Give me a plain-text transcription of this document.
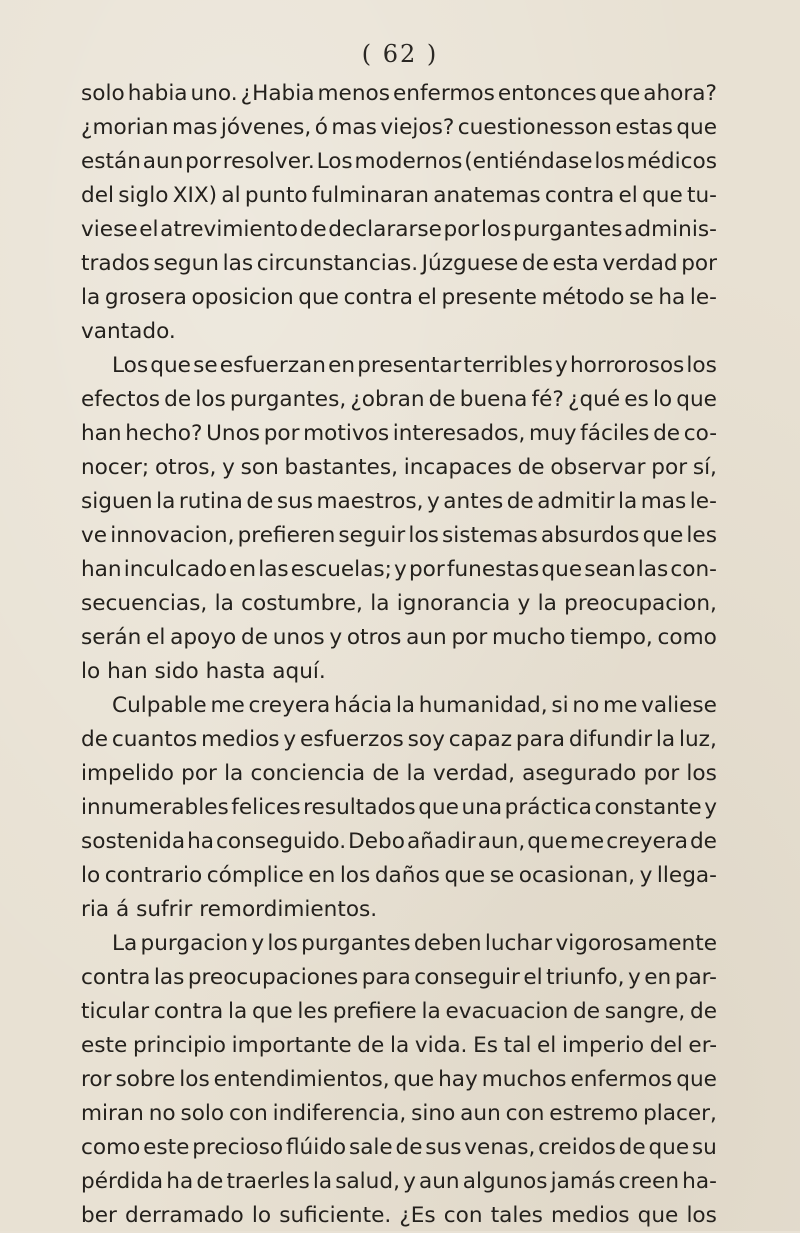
( 62 )
solo habia uno. ¿Habia menos enfermos entonces que ahora?
¿morian mas jóvenes, ó mas viejos? cuestionesson estas que
están aun por resolver. Los modernos (entiéndase los médicos
del siglo XIX) al punto fulminaran anatemas contra el que tu-
viese el atrevimiento de declararse por los purgantes adminis-
trados segun las circunstancias. Júzguese de esta verdad por
la grosera oposicion que contra el presente método se ha le-
vantado.
Los que se esfuerzan en presentar terribles y horrorosos los
efectos de los purgantes, ¿obran de buena fé? ¿qué es lo que
han hecho? Unos por motivos interesados, muy fáciles de co-
nocer; otros, y son bastantes, incapaces de observar por sí,
siguen la rutina de sus maestros, y antes de admitir la mas le-
ve innovacion, prefieren seguir los sistemas absurdos que les
han inculcado en las escuelas; y por funestas que sean las con-
secuencias, la costumbre, la ignorancia y la preocupacion,
serán el apoyo de unos y otros aun por mucho tiempo, como
lo han sido hasta aquí.
Culpable me creyera hácia la humanidad, si no me valiese
de cuantos medios y esfuerzos soy capaz para difundir la luz,
impelido por la conciencia de la verdad, asegurado por los
innumerables felices resultados que una práctica constante y
sostenida ha conseguido. Debo añadir aun, que me creyera de
lo contrario cómplice en los daños que se ocasionan, y llega-
ria á sufrir remordimientos.
La purgacion y los purgantes deben luchar vigorosamente
contra las preocupaciones para conseguir el triunfo, y en par-
ticular contra la que les prefiere la evacuacion de sangre, de
este principio importante de la vida. Es tal el imperio del er-
ror sobre los entendimientos, que hay muchos enfermos que
miran no solo con indiferencia, sino aun con estremo placer,
como este precioso flúido sale de sus venas, creidos de que su
pérdida ha de traerles la salud, y aun algunos jamás creen ha-
ber derramado lo suficiente. ¿Es con tales medios que los
